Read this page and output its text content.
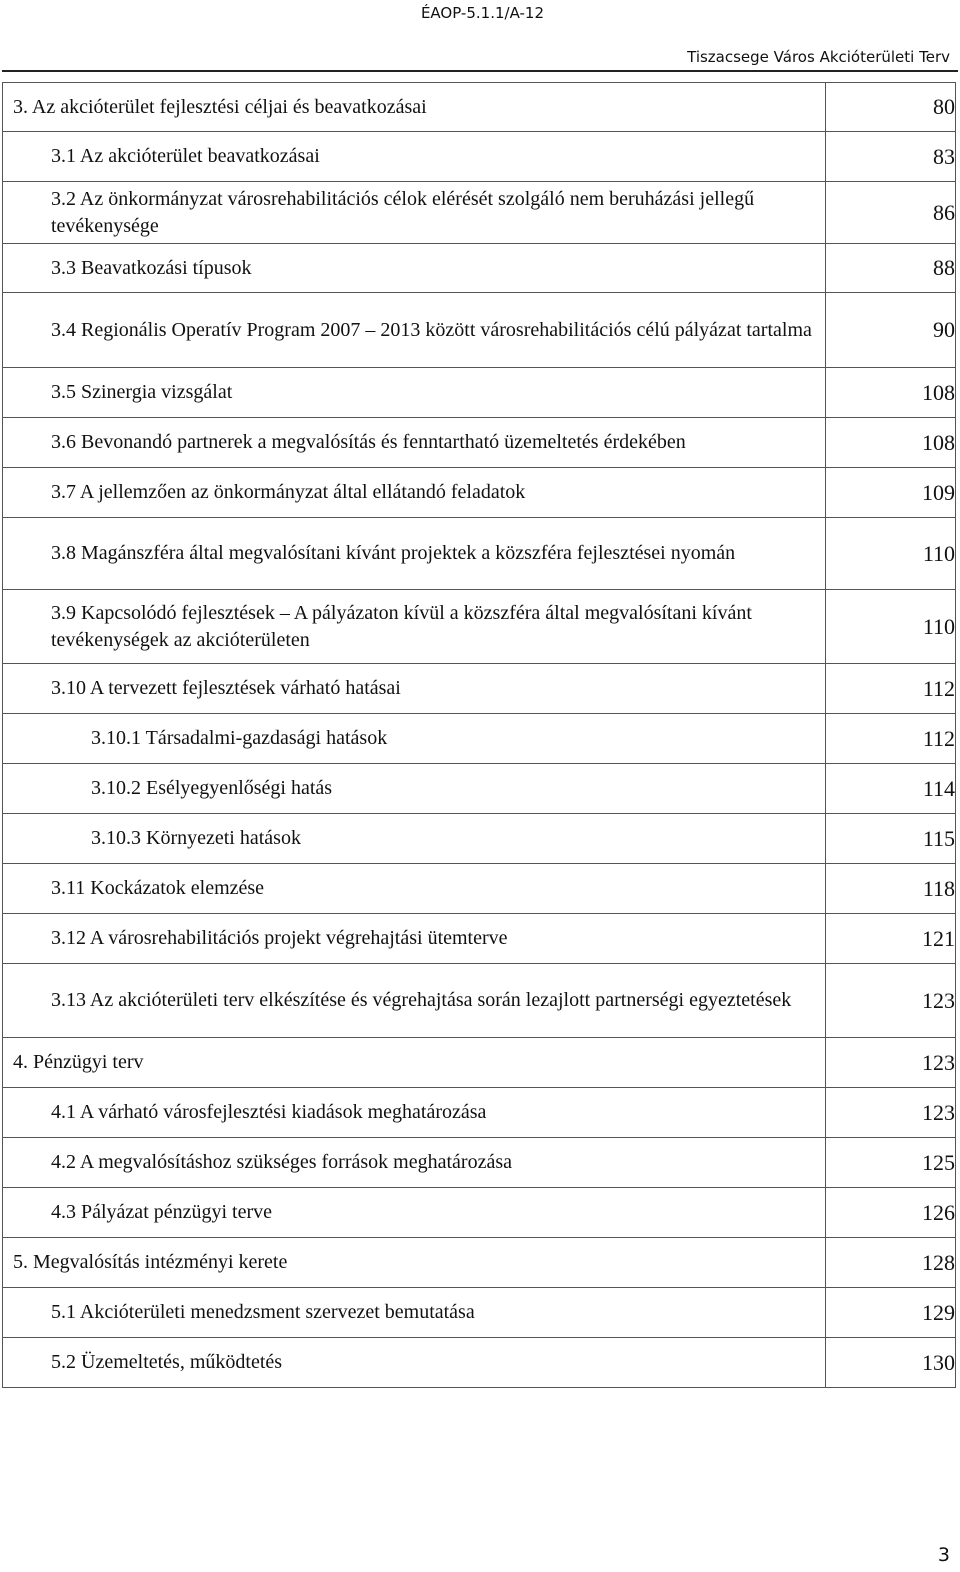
ÉAOP-5.1.1/A-12
Tiszacsege Város Akcióterületi Terv
3. Az akcióterület fejlesztési céljai és beavatkozásai	80
3.1 Az akcióterület beavatkozásai	83
3.2 Az önkormányzat városrehabilitációs célok elérését szolgáló nem beruházási jellegű tevékenysége	86
3.3 Beavatkozási típusok	88
3.4 Regionális Operatív Program 2007 – 2013 között városrehabilitációs célú pályázat tartalma	90
3.5 Szinergia vizsgálat	108
3.6 Bevonandó partnerek a megvalósítás és fenntartható üzemeltetés érdekében	108
3.7 A jellemzően az önkormányzat által ellátandó feladatok	109
3.8 Magánszféra által megvalósítani kívánt projektek a közszféra fejlesztései nyomán	110
3.9 Kapcsolódó fejlesztések – A pályázaton kívül a közszféra által megvalósítani kívánt tevékenységek az akcióterületen	110
3.10 A tervezett fejlesztések várható hatásai	112
3.10.1 Társadalmi-gazdasági hatások	112
3.10.2 Esélyegyenlőségi hatás	114
3.10.3 Környezeti hatások	115
3.11 Kockázatok elemzése	118
3.12 A városrehabilitációs projekt végrehajtási ütemterve	121
3.13 Az akcióterületi terv elkészítése és végrehajtása során lezajlott partnerségi egyeztetések	123
4. Pénzügyi terv	123
4.1 A várható városfejlesztési kiadások meghatározása	123
4.2 A megvalósításhoz szükséges források meghatározása	125
4.3 Pályázat pénzügyi terve	126
5. Megvalósítás intézményi kerete	128
5.1 Akcióterületi menedzsment szervezet bemutatása	129
5.2 Üzemeltetés, működtetés	130
3
